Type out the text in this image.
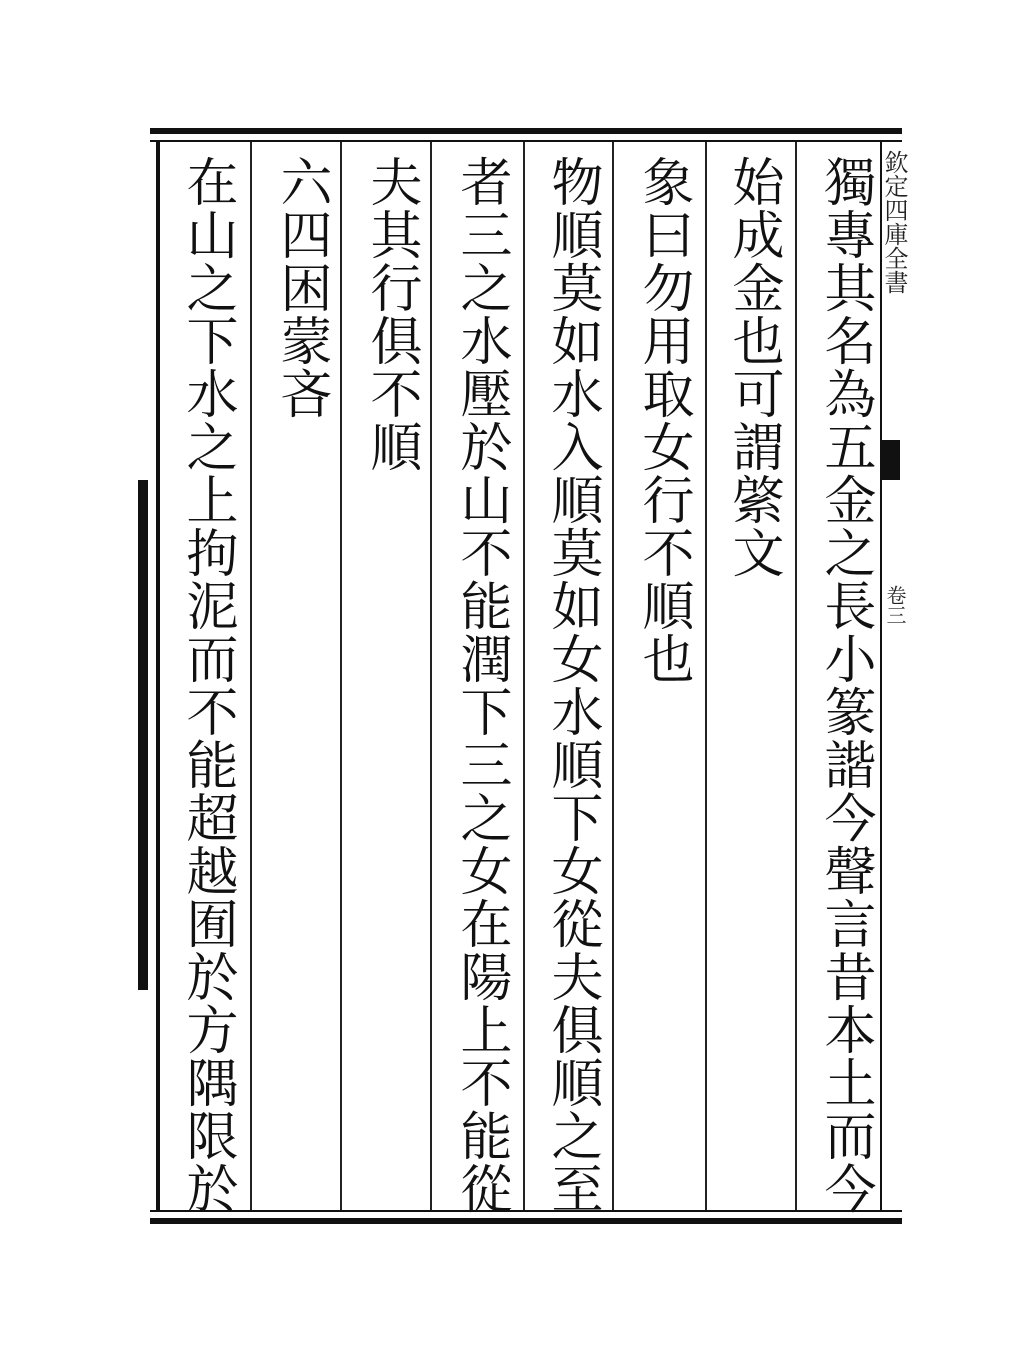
欽定四庫全書
卷三
獨專其名為五金之長小篆諧今聲言昔本土而今
始成金也可謂綮文
象曰勿用取女行不順也
物順莫如水入順莫如女水順下女從夫俱順之至
者三之水壓於山不能潤下三之女在陽上不能從
夫其行俱不順
六四困蒙吝
在山之下水之上拘泥而不能超越囿於方隅限於
